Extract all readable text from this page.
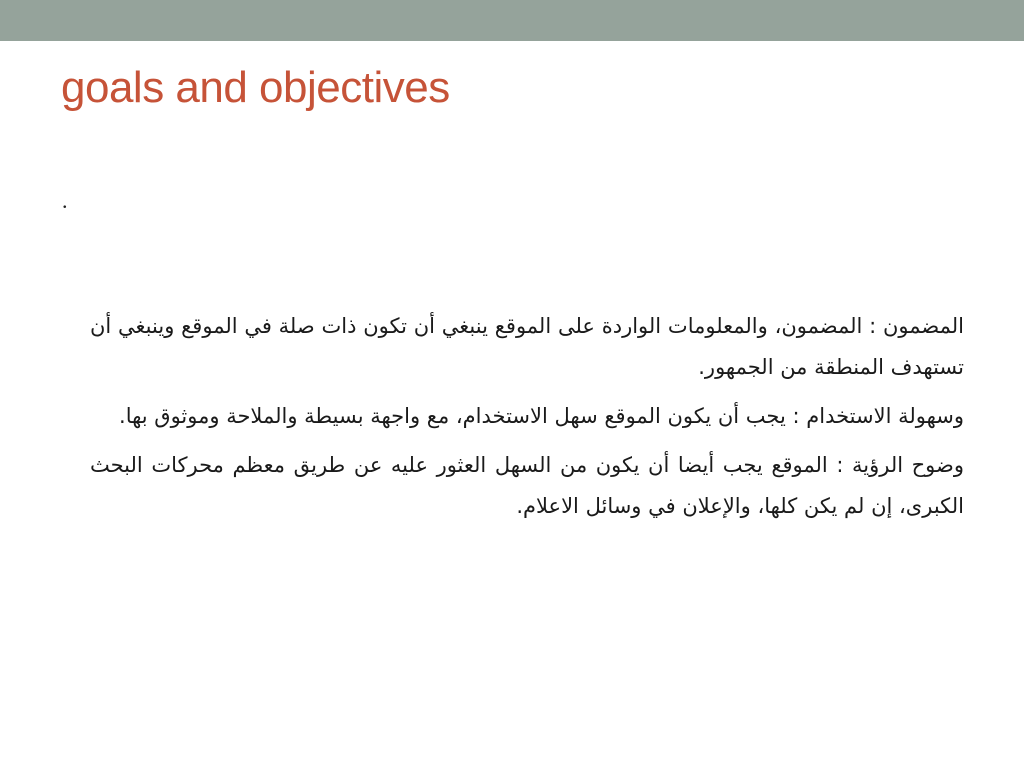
goals and objectives
.

المضمون : المضمون، والمعلومات الواردة على الموقع ينبغي أن تكون ذات صلة في الموقع وينبغي أن تستهدف المنطقة من الجمهور.

وسهولة الاستخدام : يجب أن يكون الموقع سهل الاستخدام، مع واجهة بسيطة والملاحة وموثوق بها.

وضوح الرؤية : الموقع يجب أيضا أن يكون من السهل العثور عليه عن طريق معظم محركات البحث الكبرى، إن لم يكن كلها، والإعلان في وسائل الاعلام.
